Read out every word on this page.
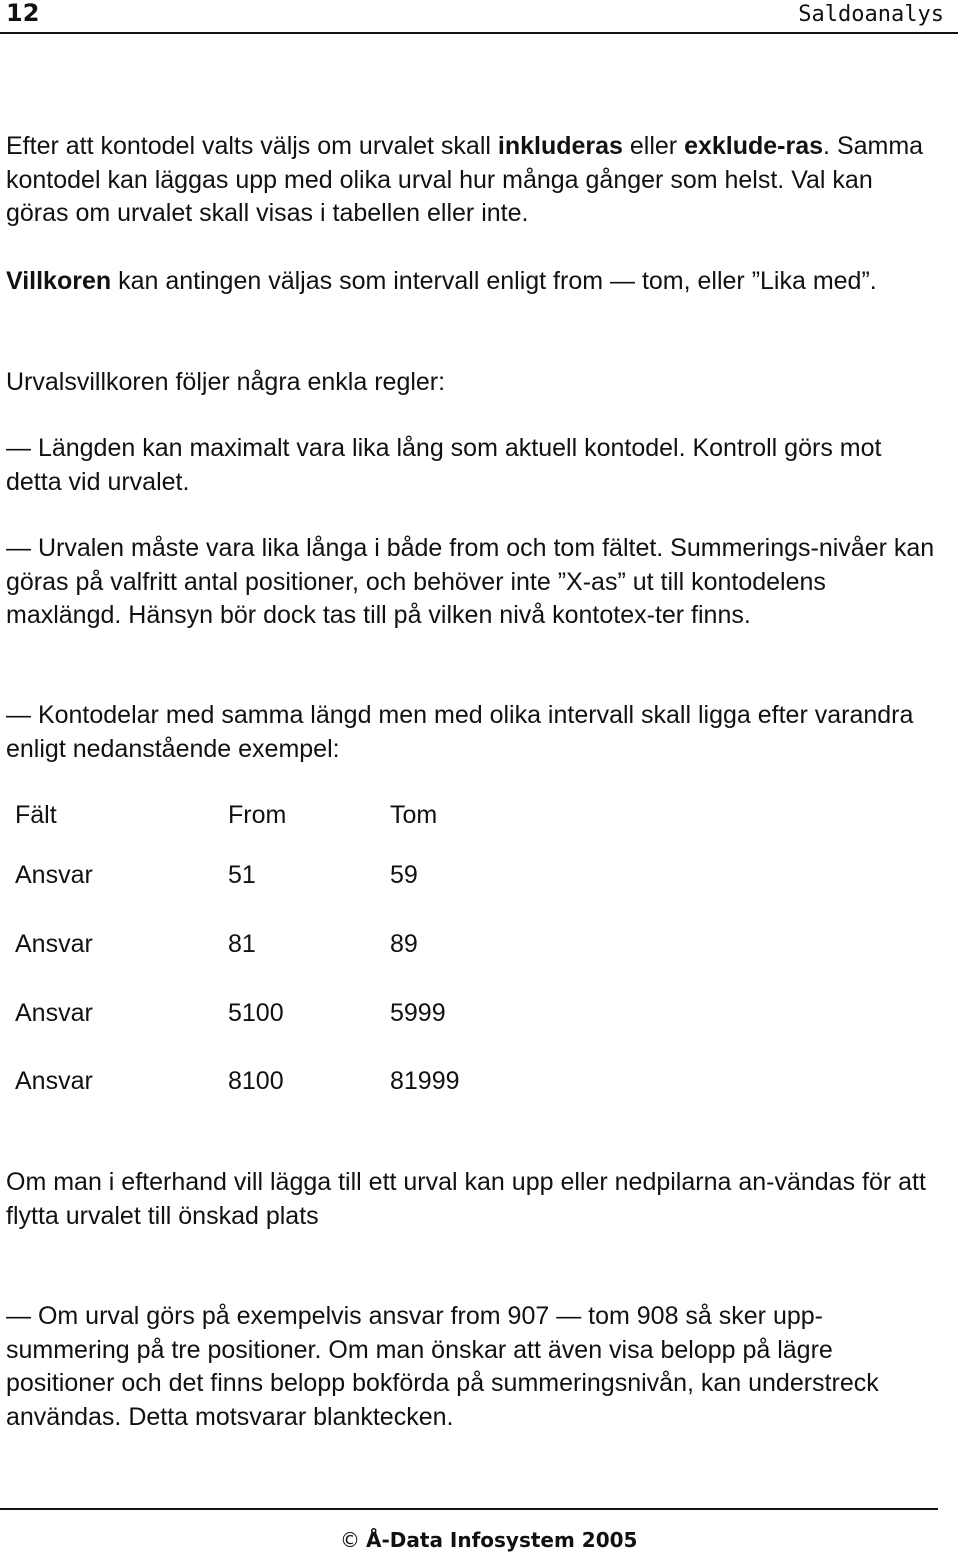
12	Saldoanalys

Efter att kontodel valts väljs om urvalet skall inkluderas eller exklude-ras. Samma kontodel kan läggas upp med olika urval hur många gånger som helst. Val kan göras om urvalet skall visas i tabellen eller inte.

Villkoren kan antingen väljas som intervall enligt from — tom, eller ”Lika med”.

Urvalsvillkoren följer några enkla regler:

— Längden kan maximalt vara lika lång som aktuell kontodel. Kontroll görs mot detta vid urvalet.

— Urvalen måste vara lika långa i både from och tom fältet. Summerings-nivåer kan göras på valfritt antal positioner, och behöver inte ”X-as” ut till kontodelens maxlängd. Hänsyn bör dock tas till på vilken nivå kontotex-ter finns.

— Kontodelar med samma längd men med olika intervall skall ligga efter varandra enligt nedanstående exempel:

Fält	From	Tom
Ansvar	51	59
Ansvar	81	89
Ansvar	5100	5999
Ansvar	8100	81999

Om man i efterhand vill lägga till ett urval kan upp eller nedpilarna an-vändas för att flytta urvalet till önskad plats

— Om urval görs på exempelvis ansvar from 907 — tom 908 så sker upp-summering på tre positioner. Om man önskar att även visa belopp på lägre positioner och det finns belopp bokförda på summeringsnivån, kan understreck användas. Detta motsvarar blanktecken.

© Å-Data Infosystem 2005
